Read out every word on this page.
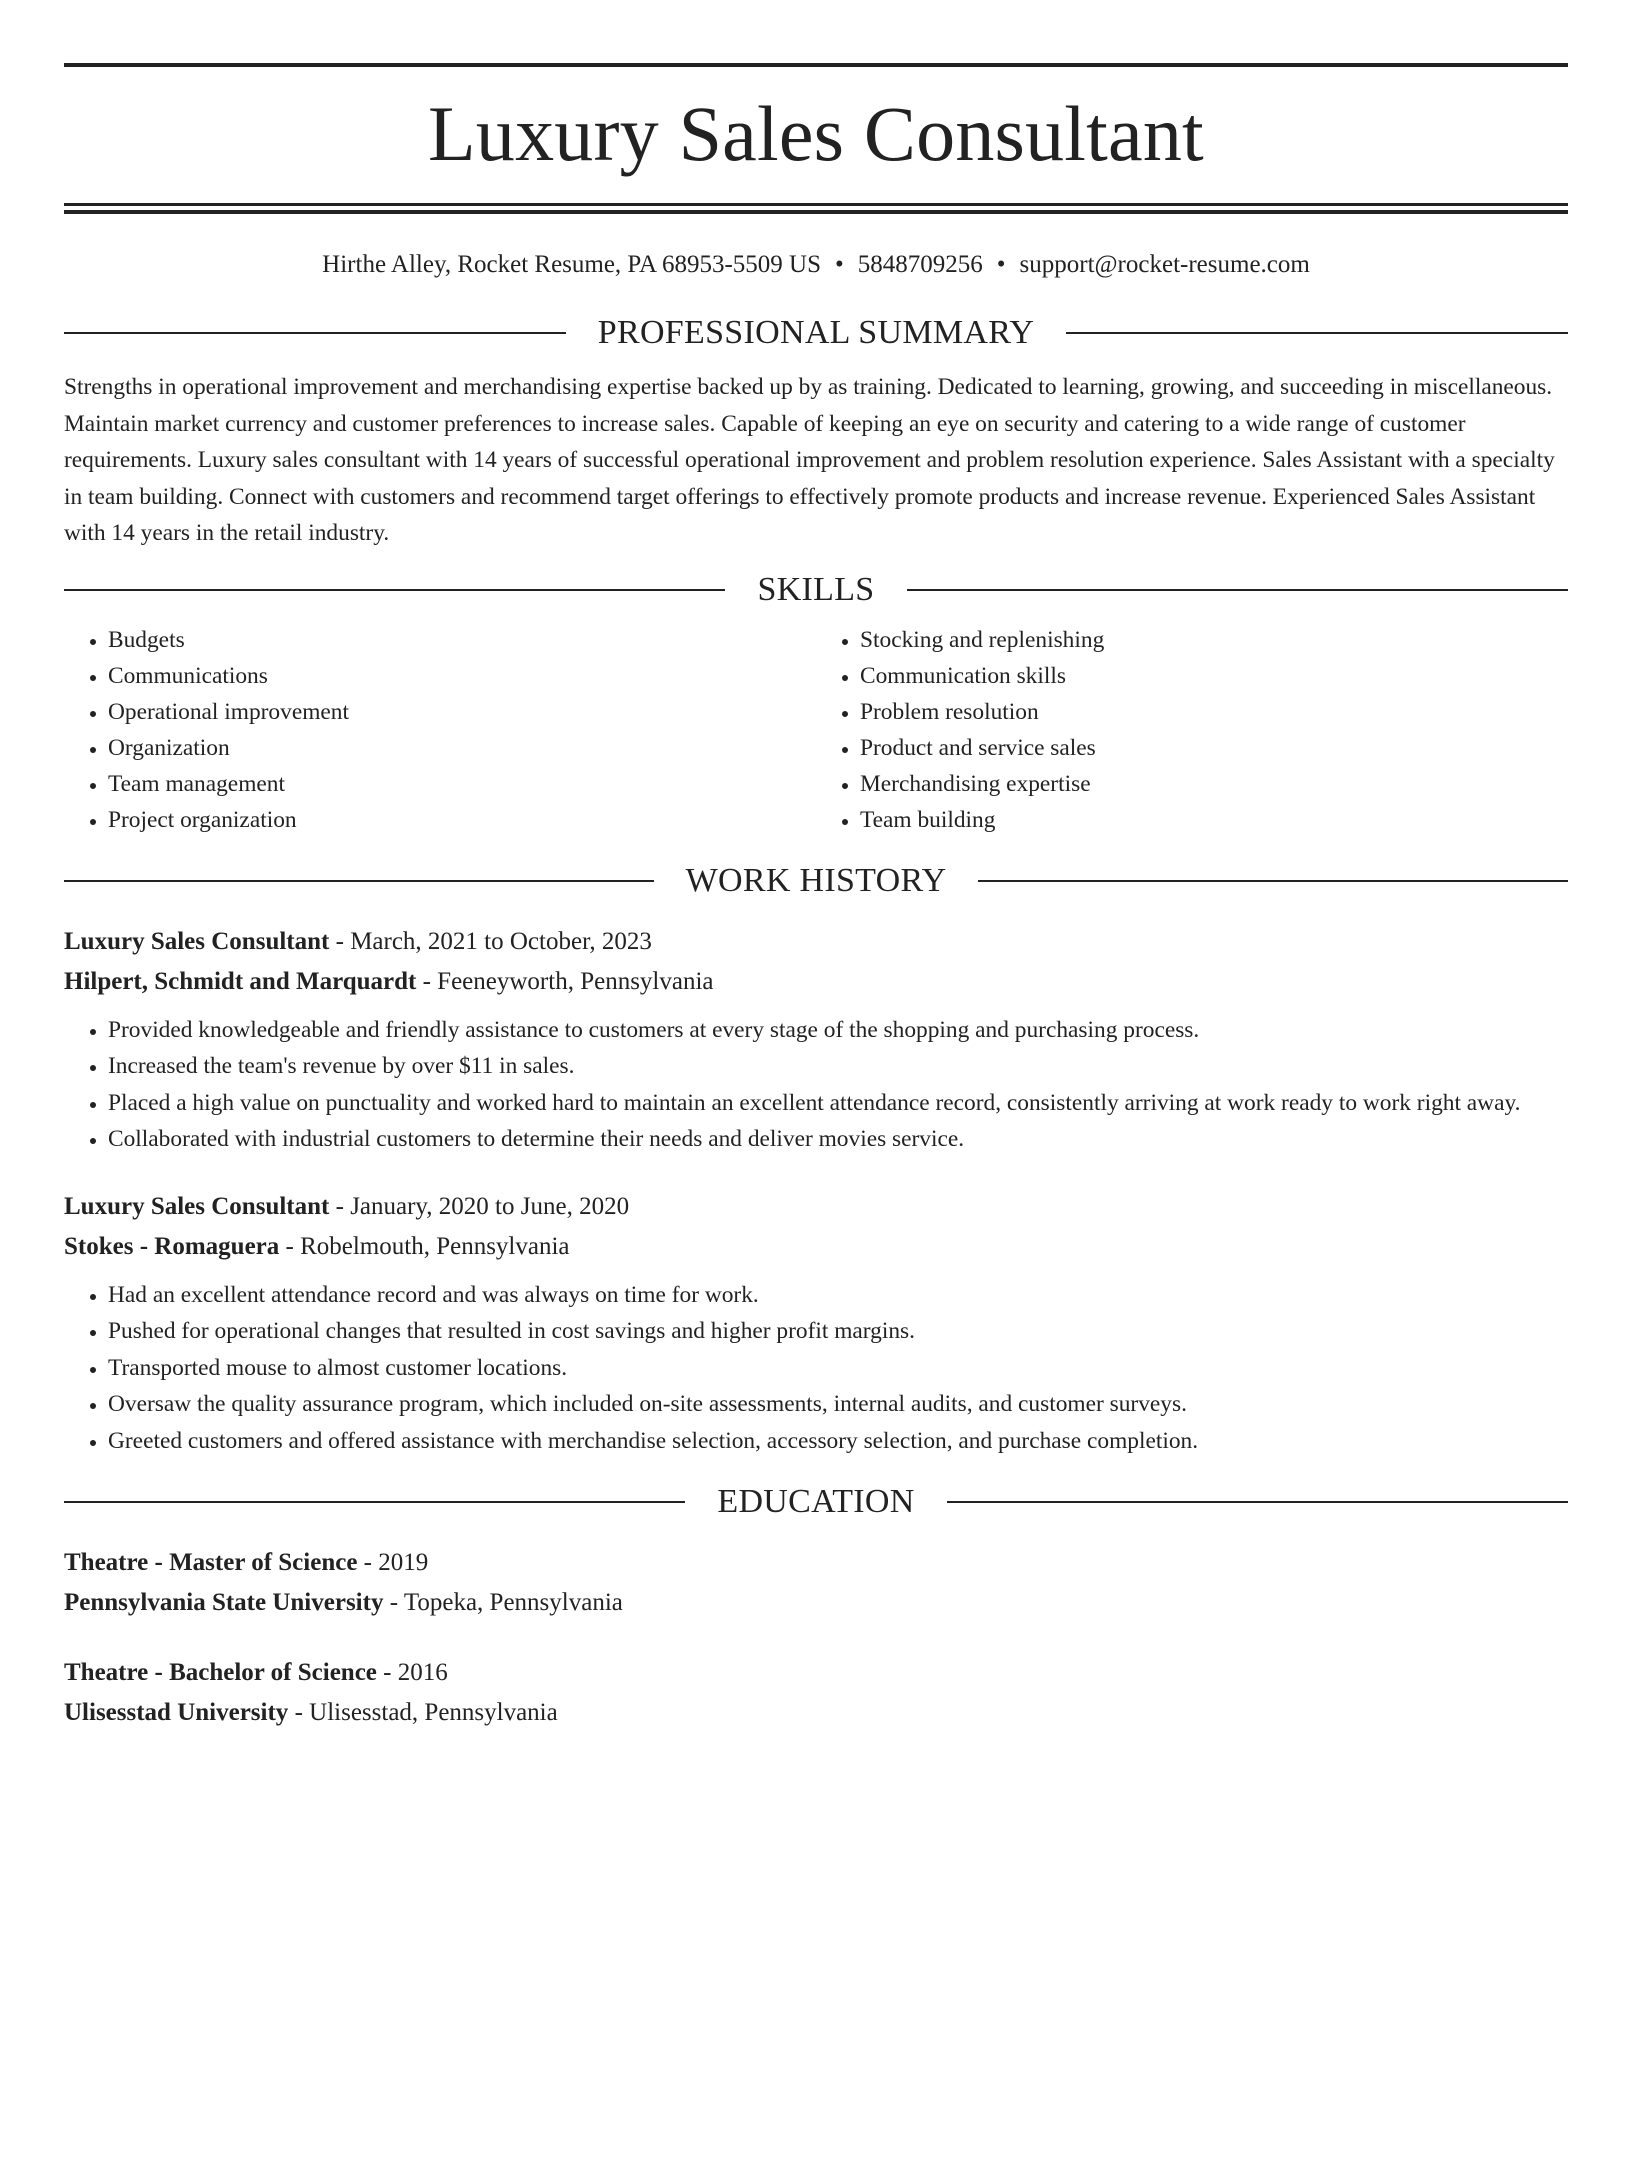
Luxury Sales Consultant
Hirthe Alley, Rocket Resume, PA 68953-5509 US • 5848709256 • support@rocket-resume.com
PROFESSIONAL SUMMARY

Strengths in operational improvement and merchandising expertise backed up by as training. Dedicated to learning, growing, and succeeding in miscellaneous. Maintain market currency and customer preferences to increase sales. Capable of keeping an eye on security and catering to a wide range of customer requirements. Luxury sales consultant with 14 years of successful operational improvement and problem resolution experience. Sales Assistant with a specialty in team building. Connect with customers and recommend target offerings to effectively promote products and increase revenue. Experienced Sales Assistant with 14 years in the retail industry.

SKILLS
• Budgets
• Communications
• Operational improvement
• Organization
• Team management
• Project organization
• Stocking and replenishing
• Communication skills
• Problem resolution
• Product and service sales
• Merchandising expertise
• Team building
WORK HISTORY
Luxury Sales Consultant - March, 2021 to October, 2023
Hilpert, Schmidt and Marquardt - Feeneyworth, Pennsylvania
• Provided knowledgeable and friendly assistance to customers at every stage of the shopping and purchasing process.
• Increased the team's revenue by over $11 in sales.
• Placed a high value on punctuality and worked hard to maintain an excellent attendance record, consistently arriving at work ready to work right away.
• Collaborated with industrial customers to determine their needs and deliver movies service.
Luxury Sales Consultant - January, 2020 to June, 2020
Stokes - Romaguera - Robelmouth, Pennsylvania
• Had an excellent attendance record and was always on time for work.
• Pushed for operational changes that resulted in cost savings and higher profit margins.
• Transported mouse to almost customer locations.
• Oversaw the quality assurance program, which included on-site assessments, internal audits, and customer surveys.
• Greeted customers and offered assistance with merchandise selection, accessory selection, and purchase completion.
EDUCATION
Theatre - Master of Science - 2019
Pennsylvania State University - Topeka, Pennsylvania
Theatre - Bachelor of Science - 2016
Ulisesstad University - Ulisesstad, Pennsylvania
